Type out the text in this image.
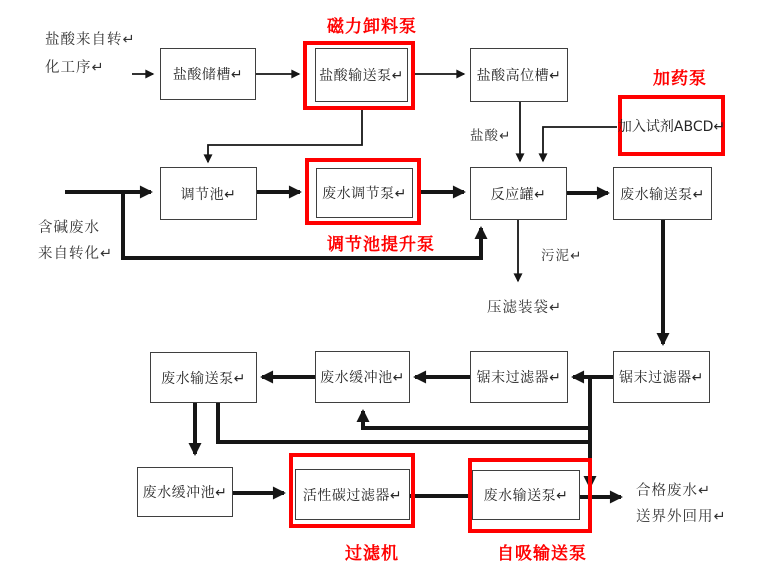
盐酸储槽↵	盐酸输送泵↵	盐酸高位槽↵
加入试剂ABCD↵
调节池↵	废水调节泵↵	反应罐↵	废水输送泵↵
锯末过滤器↵
锯末过滤器↵
废水缓冲池↵
废水输送泵↵
废水缓冲池↵	活性碳过滤器↵	废水输送泵↵
磁力卸料泵
加药泵
调节池提升泵
过滤机	自吸输送泵
盐酸来自转↵
化工序↵
含碱废水
来自转化↵
盐酸↵
污泥↵
压滤装袋↵
合格废水↵
送界外回用↵
